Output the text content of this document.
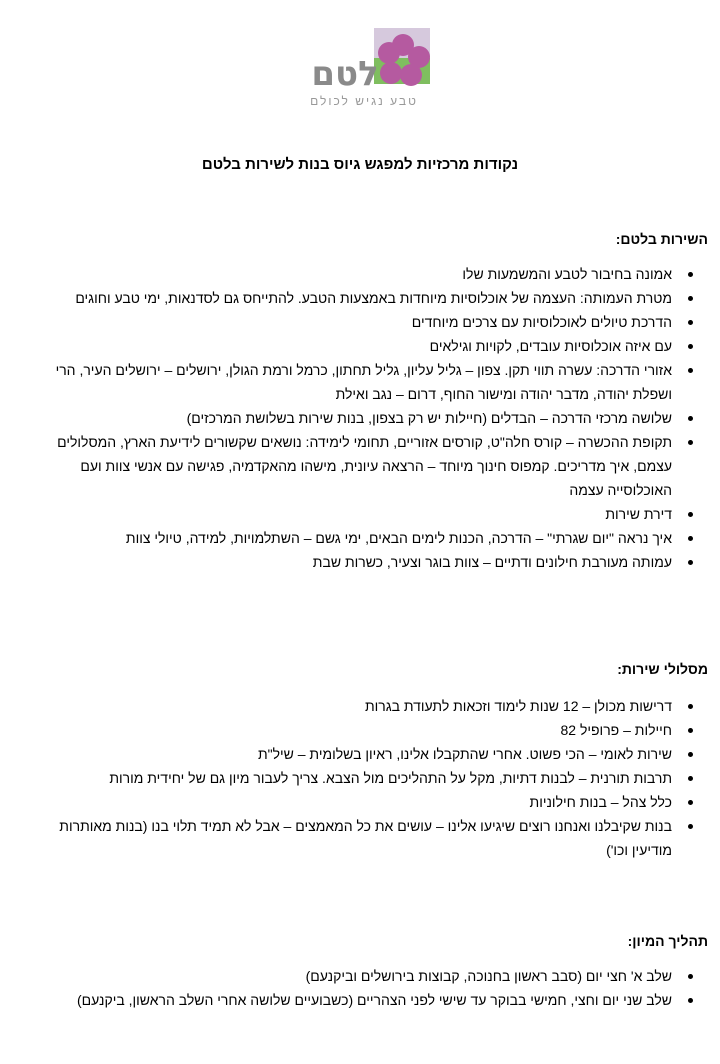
לטם
טבע נגיש לכולם
נקודות מרכזיות למפגש גיוס בנות לשירות בלטם
השירות בלטם:
אמונה בחיבור לטבע והמשמעות שלו
מטרת העמותה: העצמה של אוכלוסיות מיוחדות באמצעות הטבע. להתייחס גם לסדנאות, ימי טבע וחוגים
הדרכת טיולים לאוכלוסיות עם צרכים מיוחדים
עם איזה אוכלוסיות עובדים, לקויות וגילאים
אזורי הדרכה: עשרה תווי תקן. צפון – גליל עליון, גליל תחתון, כרמל ורמת הגולן, ירושלים – ירושלים העיר, הרי ושפלת יהודה, מדבר יהודה ומישור החוף, דרום – נגב ואילת
שלושה מרכזי הדרכה – הבדלים (חיילות יש רק בצפון, בנות שירות בשלושת המרכזים)
תקופת ההכשרה – קורס חלה"ט, קורסים אזוריים, תחומי לימידה: נושאים שקשורים לידיעת הארץ, המסלולים עצמם, איך מדריכים. קמפוס חינוך מיוחד – הרצאה עיונית, מישהו מהאקדמיה, פגישה עם אנשי צוות ועם האוכלוסייה עצמה
דירת שירות
איך נראה "יום שגרתי" – הדרכה, הכנות לימים הבאים, ימי גשם – השתלמויות, למידה, טיולי צוות
עמותה מעורבת חילונים ודתיים – צוות בוגר וצעיר, כשרות שבת
מסלולי שירות:
דרישות מכולן – 12 שנות לימוד וזכאות לתעודת בגרות
חיילות – פרופיל 82
שירות לאומי – הכי פשוט. אחרי שהתקבלו אלינו, ראיון בשלומית – שיל"ת
תרבות תורנית – לבנות דתיות, מקל על התהליכים מול הצבא. צריך לעבור מיון גם של יחידית מורות
כלל צהל – בנות חילוניות
בנות שקיבלנו ואנחנו רוצים שיגיעו אלינו – עושים את כל המאמצים – אבל לא תמיד תלוי בנו (בנות מאותרות מודיעין וכו')
תהליך המיון:
שלב א' חצי יום (סבב ראשון בחנוכה, קבוצות בירושלים וביקנעם)
שלב שני יום וחצי, חמישי בבוקר עד שישי לפני הצהריים (כשבועיים שלושה אחרי השלב הראשון, ביקנעם)
